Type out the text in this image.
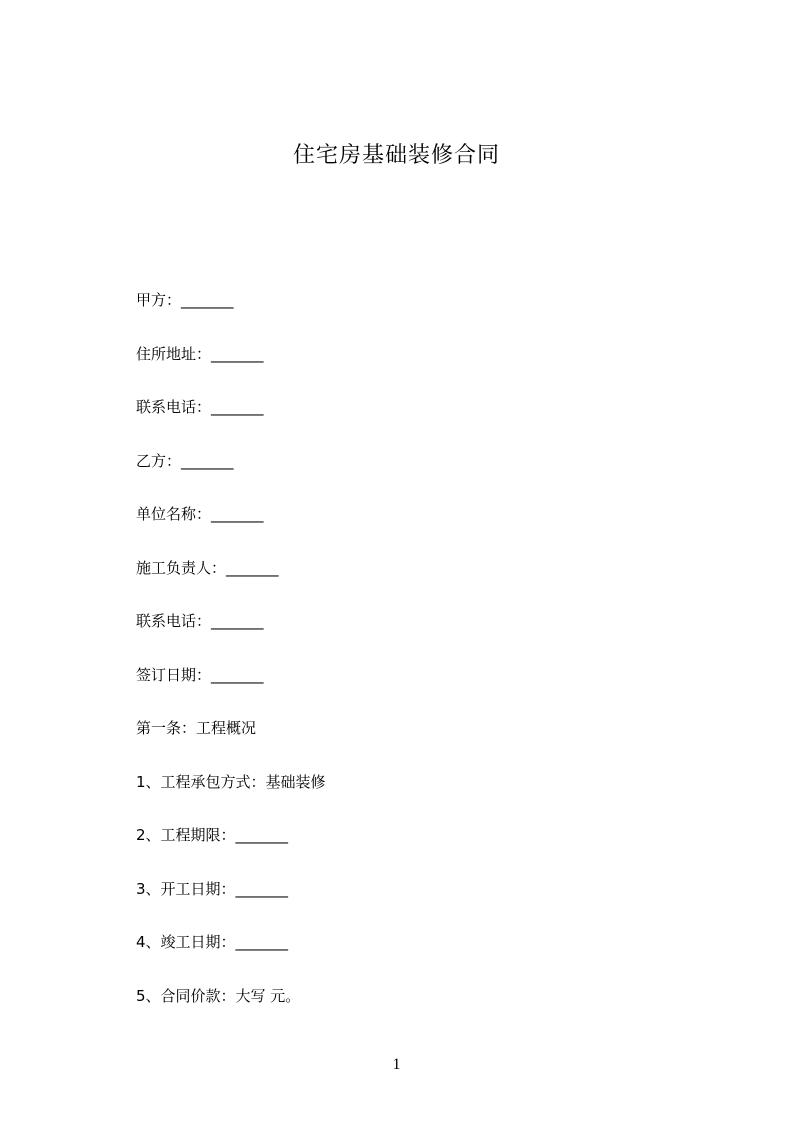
住宅房基础装修合同
甲方：_______
住所地址：_______
联系电话：_______
乙方：_______
单位名称：_______
施工负责人：_______
联系电话：_______
签订日期：_______
第一条：工程概况
1、工程承包方式：基础装修
2、工程期限：_______
3、开工日期：_______
4、竣工日期：_______
5、合同价款：大写 元。
1
